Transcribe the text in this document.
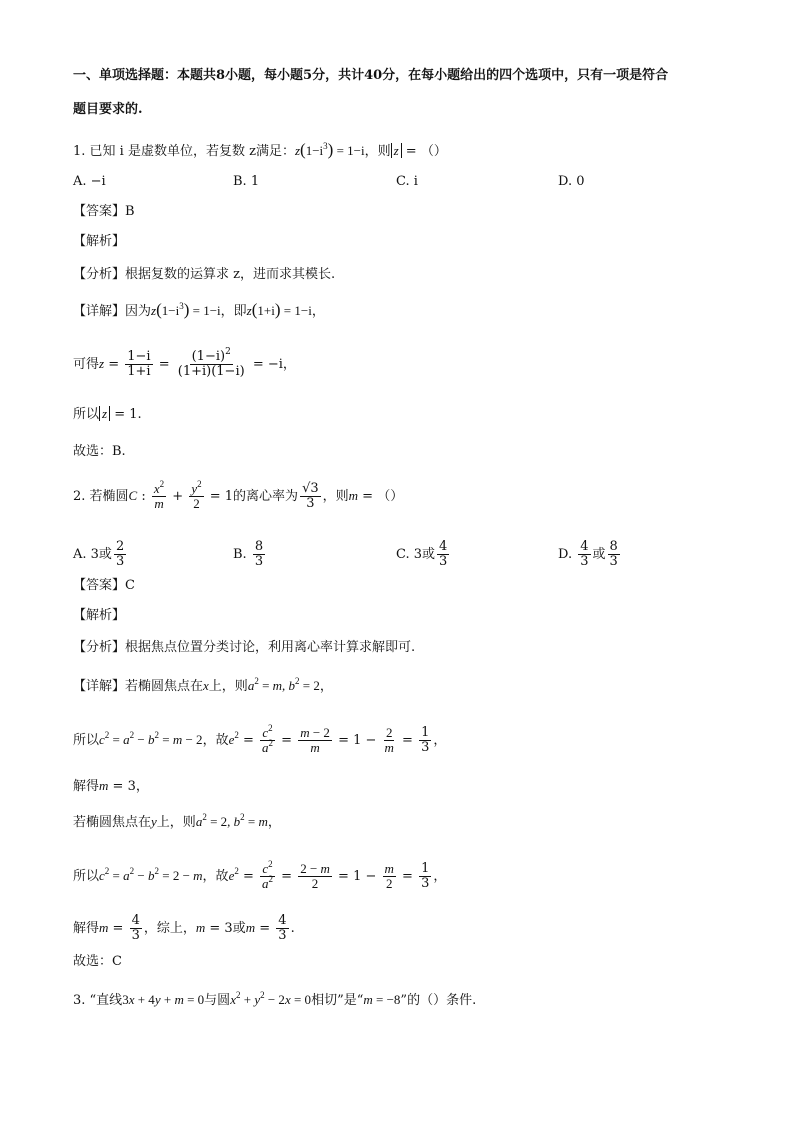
一、单项选择题：本题共8小题，每小题5分，共计40分，在每小题给出的四个选项中，只有一项是符合
题目要求的.
1. 已知 i 是虚数单位，若复数 z满足：$z(1-i^3) = 1-i$，则 z = （）
A. −i	B. 1	C. i	D. 0
【答案】B
【解析】
【分析】根据复数的运算求 z，进而求其模长.
【详解】因为$z(1-i^3) = 1-i$，即z(1+i) = 1−i，
可得$z = \frac{1-i}{1+i} = \frac{(1-i)^2}{(1+i)(1-i)} = -i$，
所以 z = 1.
故选：B.
2. 若椭圆C : $\frac{x^2}{m} + \frac{y^2}{2} = 1$的离心率为 $\frac{√3}{3}$ ，则m = （）
A. 3或 $\frac{2}{3}$	B. $\frac{8}{3}$	C. 3或 $\frac{4}{3}$	D. $\frac{4}{3}$ 或 $\frac{8}{3}$
【答案】C
【解析】
【分析】根据焦点位置分类讨论，利用离心率计算求解即可.
【详解】若椭圆焦点在x上，则$a^2 = m$, $b^2 = 2$，
所以$c^2 = a^2 - b^2 = m - 2$，故$e^2 = \frac{c^2}{a^2} = \frac{m - 2}{m} = 1 - \frac{2}{m} = \frac{1}{3}$ ，
解得m = 3，
若椭圆焦点在y上，则$a^2 = 2$, $b^2 = m$，
所以$c^2 = a^2 - b^2 = 2 - m$，故$e^2 = \frac{c^2}{a^2} = \frac{2 - m}{2} = 1 - \frac{m}{2} = \frac{1}{3}$ ，
解得$m = \frac{4}{3}$ ，综上，m = 3或$m = \frac{4}{3}$ .
故选：C
3. “直线3x + 4y + m = 0与圆$x^2 + y^2 - 2x = 0$相切”是“m = −8”的（）条件.
